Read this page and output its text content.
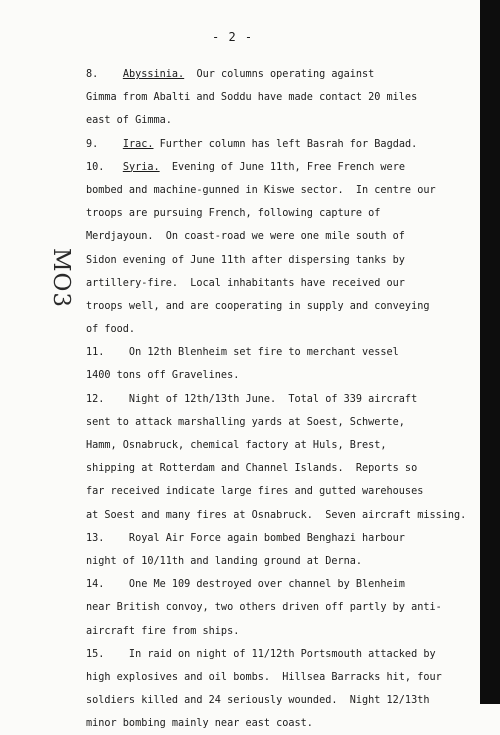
- 2 -
MO3
8. Abyssinia.  Our columns operating against
Gimma from Abalti and Soddu have made contact 20 miles
east of Gimma.
9. Irac. Further column has left Basrah for Bagdad.
10. Syria.  Evening of June 11th, Free French were
bombed and machine-gunned in Kiswe sector.  In centre our
troops are pursuing French, following capture of
Merdjayoun.  On coast-road we were one mile south of
Sidon evening of June 11th after dispersing tanks by
artillery-fire.  Local inhabitants have received our
troops well, and are cooperating in supply and conveying
of food.
11.    On 12th Blenheim set fire to merchant vessel
1400 tons off Gravelines.
12.    Night of 12th/13th June.  Total of 339 aircraft
sent to attack marshalling yards at Soest, Schwerte,
Hamm, Osnabruck, chemical factory at Huls, Brest,
shipping at Rotterdam and Channel Islands.  Reports so
far received indicate large fires and gutted warehouses
at Soest and many fires at Osnabruck.  Seven aircraft missing.
13.    Royal Air Force again bombed Benghazi harbour
night of 10/11th and landing ground at Derna.
14.    One Me 109 destroyed over channel by Blenheim
near British convoy, two others driven off partly by anti-
aircraft fire from ships.
15.    In raid on night of 11/12th Portsmouth attacked by
high explosives and oil bombs.  Hillsea Barracks hit, four
soldiers killed and 24 seriously wounded.  Night 12/13th
minor bombing mainly near east coast.
